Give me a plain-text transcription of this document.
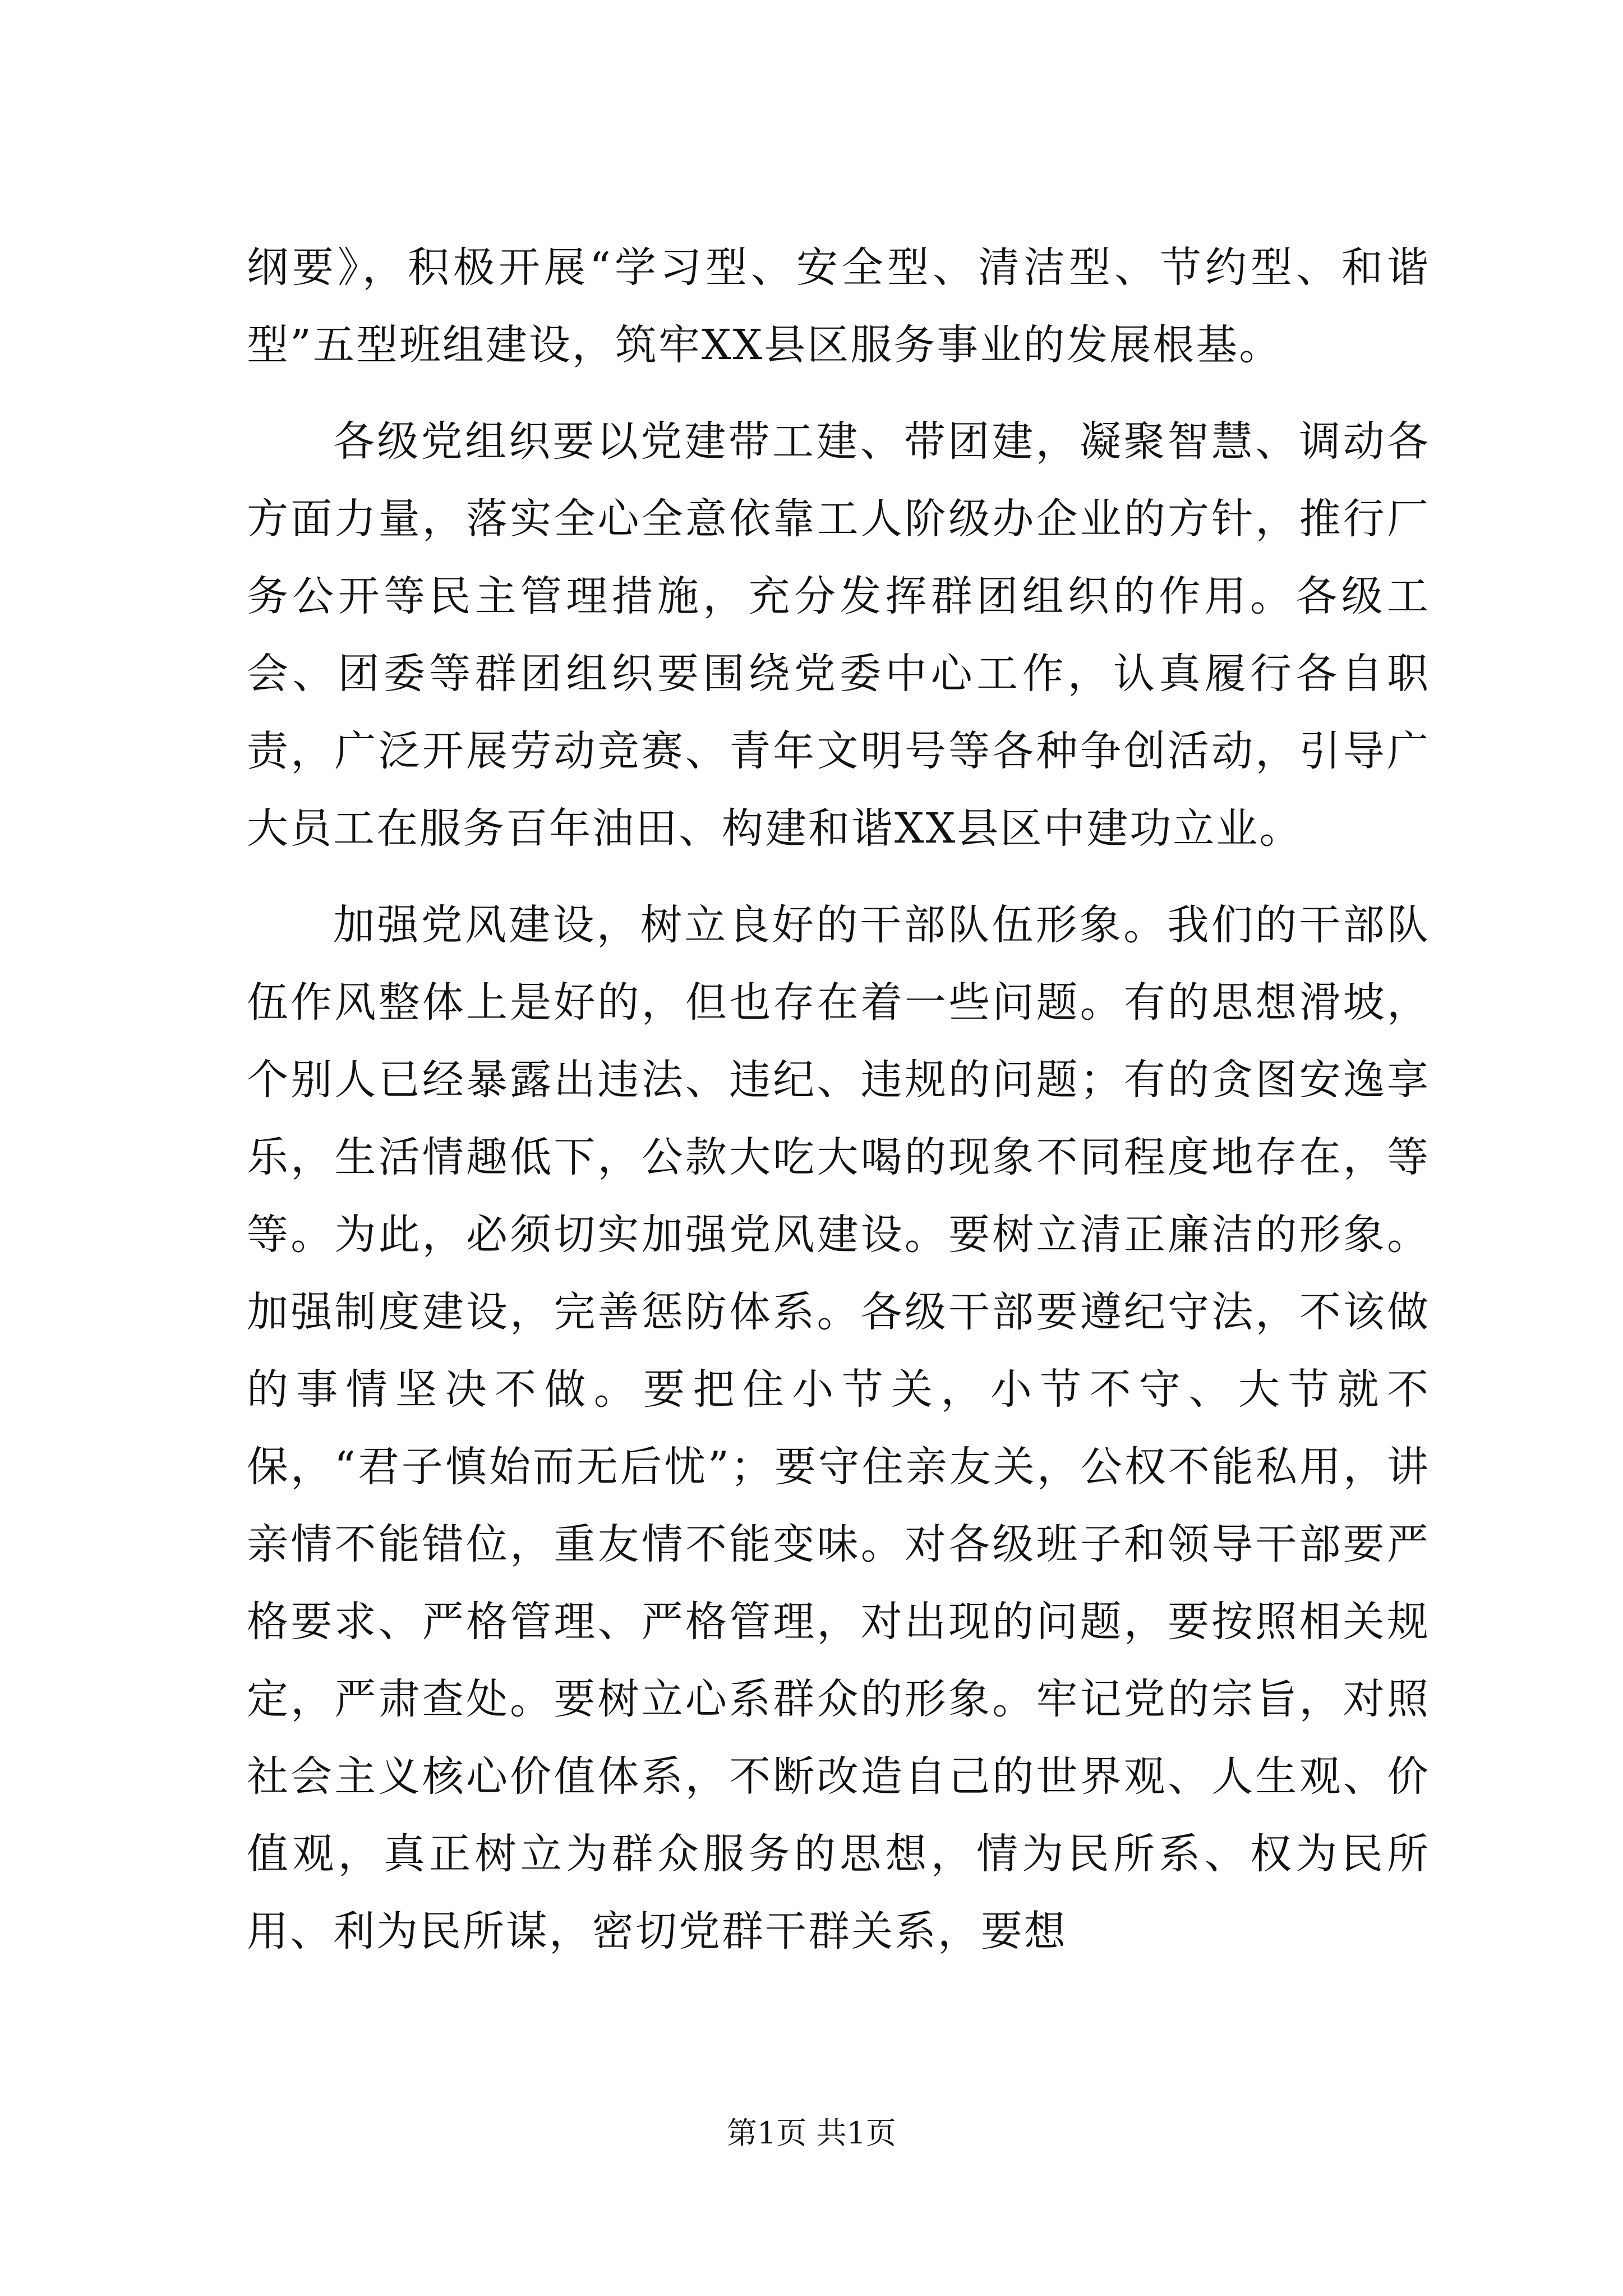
纲要》，积极开展“学习型、安全型、清洁型、节约型、和谐型”五型班组建设，筑牢XX县区服务事业的发展根基。

各级党组织要以党建带工建、带团建，凝聚智慧、调动各方面力量，落实全心全意依靠工人阶级办企业的方针，推行厂务公开等民主管理措施，充分发挥群团组织的作用。各级工会、团委等群团组织要围绕党委中心工作，认真履行各自职责，广泛开展劳动竞赛、青年文明号等各种争创活动，引导广大员工在服务百年油田、构建和谐XX县区中建功立业。

加强党风建设，树立良好的干部队伍形象。我们的干部队伍作风整体上是好的，但也存在着一些问题。有的思想滑坡，个别人已经暴露出违法、违纪、违规的问题；有的贪图安逸享乐，生活情趣低下，公款大吃大喝的现象不同程度地存在，等等。为此，必须切实加强党风建设。要树立清正廉洁的形象。加强制度建设，完善惩防体系。各级干部要遵纪守法，不该做的事情坚决不做。要把住小节关，小节不守、大节就不保，“君子慎始而无后忧”；要守住亲友关，公权不能私用，讲亲情不能错位，重友情不能变味。对各级班子和领导干部要严格要求、严格管理、严格管理，对出现的问题，要按照相关规定，严肃查处。要树立心系群众的形象。牢记党的宗旨，对照社会主义核心价值体系，不断改造自己的世界观、人生观、价值观，真正树立为群众服务的思想，情为民所系、权为民所用、利为民所谋，密切党群干群关系，要想

第1页 共1页
